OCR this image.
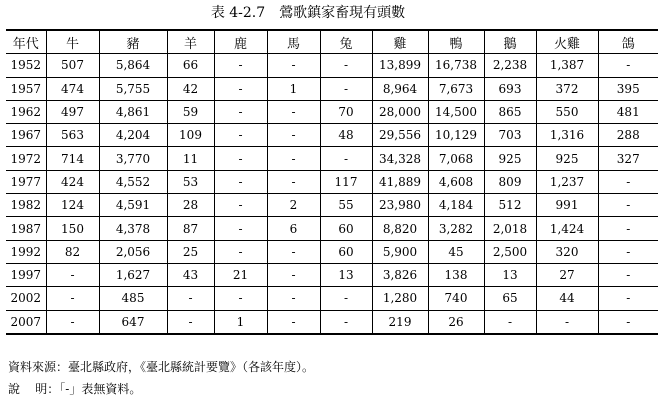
表 4-2.7 鶯歌鎮家畜現有頭數
年代	牛	豬	羊	鹿	馬	兔	雞	鴨	鵝	火雞	鴿
1952	507	5,864	66	-	-	-	13,899	16,738	2,238	1,387	-
1957	474	5,755	42	-	1	-	8,964	7,673	693	372	395
1962	497	4,861	59	-	-	70	28,000	14,500	865	550	481
1967	563	4,204	109	-	-	48	29,556	10,129	703	1,316	288
1972	714	3,770	11	-	-	-	34,328	7,068	925	925	327
1977	424	4,552	53	-	-	117	41,889	4,608	809	1,237	-
1982	124	4,591	28	-	2	55	23,980	4,184	512	991	-
1987	150	4,378	87	-	6	60	8,820	3,282	2,018	1,424	-
1992	82	2,056	25	-	-	60	5,900	45	2,500	320	-
1997	-	1,627	43	21	-	13	3,826	138	13	27	-
2002	-	485	-	-	-	-	1,280	740	65	44	-
2007	-	647	-	1	-	-	219	26	-	-	-
資料來源：臺北縣政府，《臺北縣統計要覽》（各該年度）。
說    明：「-」表無資料。
